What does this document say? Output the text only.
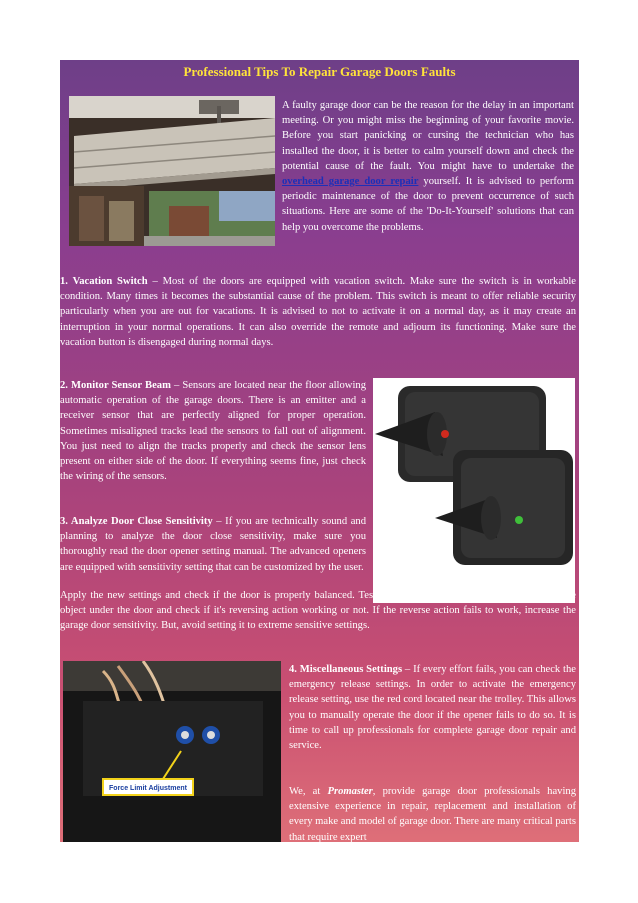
Professional Tips To Repair Garage Doors Faults

A faulty garage door can be the reason for the delay in an important meeting. Or you might miss the beginning of your favorite movie. Before you start panicking or cursing the technician who has installed the door, it is better to calm yourself down and check the potential cause of the fault. You might have to undertake the overhead garage door repair yourself. It is advised to perform periodic maintenance of the door to prevent occurrence of such situations. Here are some of the 'Do-It-Yourself' solutions that can help you overcome the problems.

1. Vacation Switch – Most of the doors are equipped with vacation switch. Make sure the switch is in workable condition. Many times it becomes the substantial cause of the problem. This switch is meant to offer reliable security particularly when you are out for vacations. It is advised to not to activate it on a normal day, as it may create an interruption in your normal operations. It can also override the remote and adjourn its functioning. Make sure the vacation button is disengaged during normal days.

2. Monitor Sensor Beam – Sensors are located near the floor allowing automatic operation of the garage doors. There is an emitter and a receiver sensor that are perfectly aligned for proper operation. Sometimes misaligned tracks lead the sensors to fall out of alignment. You just need to align the tracks properly and check the sensor lens present on either side of the door. If everything seems fine, just check the wiring of the sensors.

3. Analyze Door Close Sensitivity – If you are technically sound and planning to analyze the door close sensitivity, make sure you thoroughly read the door opener setting manual. The advanced openers are equipped with sensitivity setting that can be customized by the user.

Apply the new settings and check if the door is properly balanced. Test the rolling code technology by placing some object under the door and check if it's reversing action working or not. If the reverse action fails to work, increase the garage door sensitivity. But, avoid setting it to extreme sensitive settings.

Force Limit Adjustment

4. Miscellaneous Settings – If every effort fails, you can check the emergency release settings. In order to activate the emergency release setting, use the red cord located near the trolley. This allows you to manually operate the door if the opener fails to do so. It is time to call up professionals for complete garage door repair and service.

We, at Promaster, provide garage door professionals having extensive experience in repair, replacement and installation of every make and model of garage door. There are many critical parts that require expert
